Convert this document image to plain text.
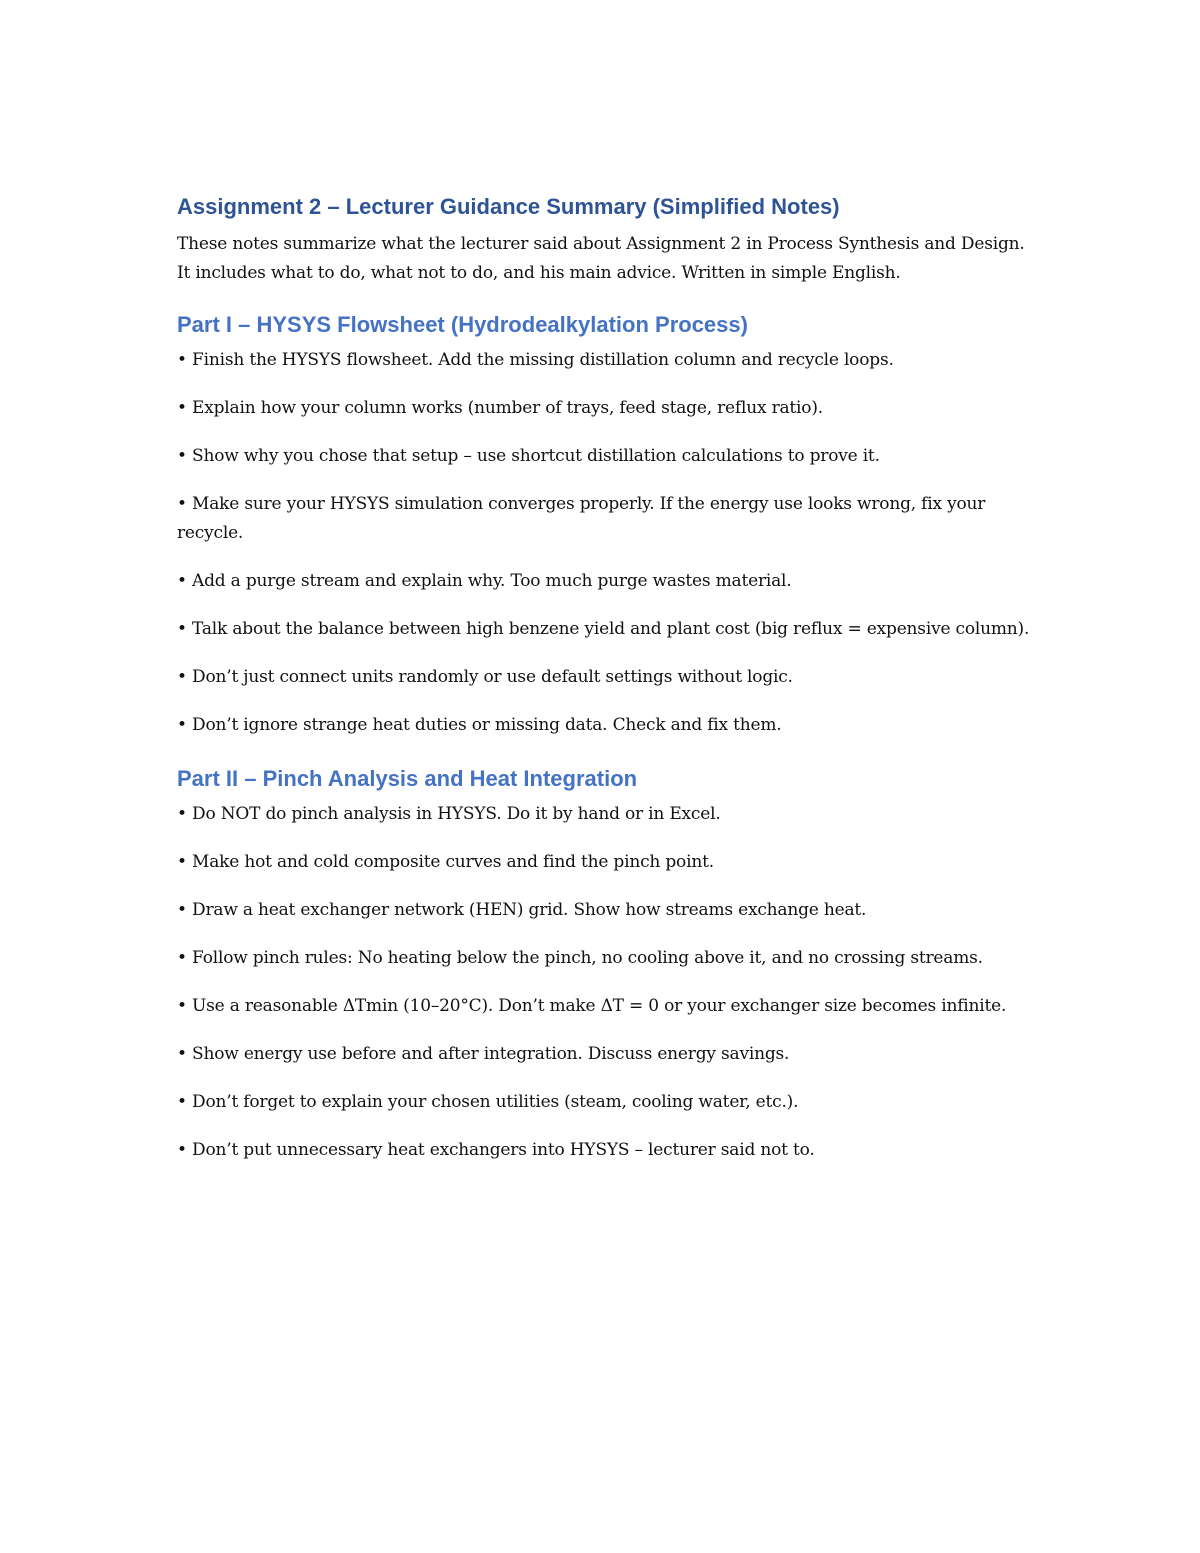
Assignment 2 – Lecturer Guidance Summary (Simplified Notes)

These notes summarize what the lecturer said about Assignment 2 in Process Synthesis and Design. It includes what to do, what not to do, and his main advice. Written in simple English.

Part I – HYSYS Flowsheet (Hydrodealkylation Process)

• Finish the HYSYS flowsheet. Add the missing distillation column and recycle loops.

• Explain how your column works (number of trays, feed stage, reflux ratio).

• Show why you chose that setup – use shortcut distillation calculations to prove it.

• Make sure your HYSYS simulation converges properly. If the energy use looks wrong, fix your recycle.

• Add a purge stream and explain why. Too much purge wastes material.

• Talk about the balance between high benzene yield and plant cost (big reflux = expensive column).

• Don’t just connect units randomly or use default settings without logic.

• Don’t ignore strange heat duties or missing data. Check and fix them.

Part II – Pinch Analysis and Heat Integration

• Do NOT do pinch analysis in HYSYS. Do it by hand or in Excel.

• Make hot and cold composite curves and find the pinch point.

• Draw a heat exchanger network (HEN) grid. Show how streams exchange heat.

• Follow pinch rules: No heating below the pinch, no cooling above it, and no crossing streams.

• Use a reasonable ΔTmin (10–20°C). Don’t make ΔT = 0 or your exchanger size becomes infinite.

• Show energy use before and after integration. Discuss energy savings.

• Don’t forget to explain your chosen utilities (steam, cooling water, etc.).

• Don’t put unnecessary heat exchangers into HYSYS – lecturer said not to.
